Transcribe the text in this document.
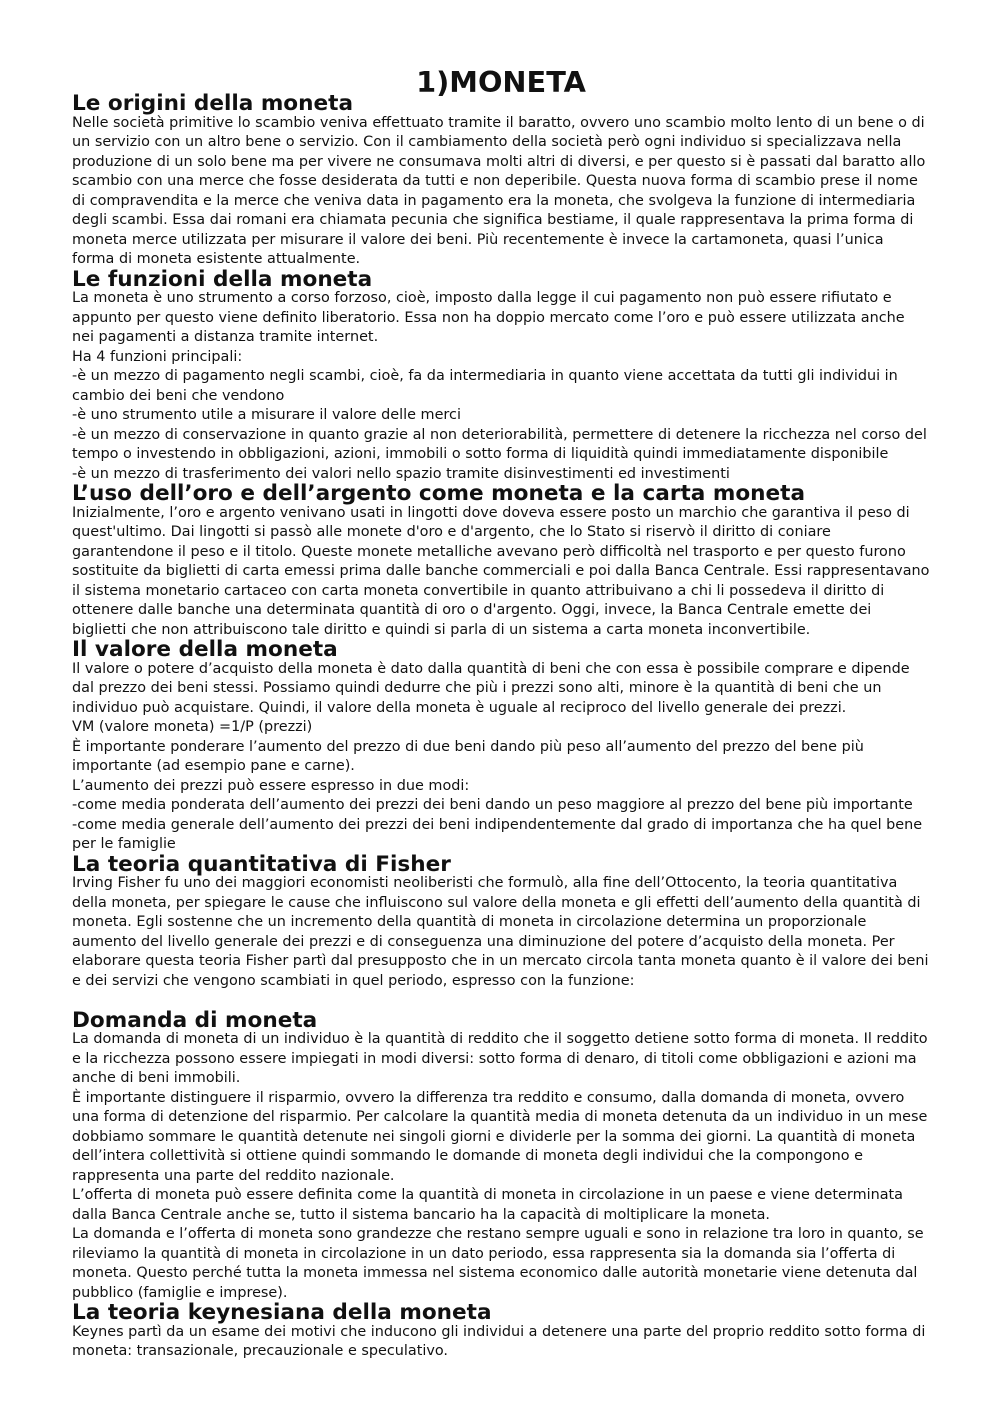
1)MONETA
Le origini della moneta

Nelle società primitive lo scambio veniva effettuato tramite il baratto, ovvero uno scambio molto lento di un bene o di un servizio con un altro bene o servizio. Con il cambiamento della società però ogni individuo si specializzava nella produzione di un solo bene ma per vivere ne consumava molti altri di diversi, e per questo si è passati dal baratto allo scambio con una merce che fosse desiderata da tutti e non deperibile. Questa nuova forma di scambio prese il nome di compravendita e la merce che veniva data in pagamento era la moneta, che svolgeva la funzione di intermediaria degli scambi. Essa dai romani era chiamata pecunia che significa bestiame, il quale rappresentava la prima forma di moneta merce utilizzata per misurare il valore dei beni. Più recentemente è invece la cartamoneta, quasi l’unica forma di moneta esistente attualmente.

Le funzioni della moneta

La moneta è uno strumento a corso forzoso, cioè, imposto dalla legge il cui pagamento non può essere rifiutato e appunto per questo viene definito liberatorio. Essa non ha doppio mercato come l’oro e può essere utilizzata anche nei pagamenti a distanza tramite internet.

Ha 4 funzioni principali:

-è un mezzo di pagamento negli scambi, cioè, fa da intermediaria in quanto viene accettata da tutti gli individui in cambio dei beni che vendono

-è uno strumento utile a misurare il valore delle merci

-è un mezzo di conservazione in quanto grazie al non deteriorabilità, permettere di detenere la ricchezza nel corso del tempo o investendo in obbligazioni, azioni, immobili o sotto forma di liquidità quindi immediatamente disponibile

-è un mezzo di trasferimento dei valori nello spazio tramite disinvestimenti ed investimenti

L’uso dell’oro e dell’argento come moneta e la carta moneta

Inizialmente, l’oro e argento venivano usati in lingotti dove doveva essere posto un marchio che garantiva il peso di quest'ultimo. Dai lingotti si passò alle monete d'oro e d'argento, che lo Stato si riservò il diritto di coniare garantendone il peso e il titolo. Queste monete metalliche avevano però difficoltà nel trasporto e per questo furono sostituite da biglietti di carta emessi prima dalle banche commerciali e poi dalla Banca Centrale. Essi rappresentavano il sistema monetario cartaceo con carta moneta convertibile in quanto attribuivano a chi li possedeva il diritto di ottenere dalle banche una determinata quantità di oro o d'argento. Oggi, invece, la Banca Centrale emette dei biglietti che non attribuiscono tale diritto e quindi si parla di un sistema a carta moneta inconvertibile.

Il valore della moneta

Il valore o potere d’acquisto della moneta è dato dalla quantità di beni che con essa è possibile comprare e dipende dal prezzo dei beni stessi. Possiamo quindi dedurre che più i prezzi sono alti, minore è la quantità di beni che un individuo può acquistare. Quindi, il valore della moneta è uguale al reciproco del livello generale dei prezzi.

VM (valore moneta) =1/P (prezzi)

È importante ponderare l’aumento del prezzo di due beni dando più peso all’aumento del prezzo del bene più importante (ad esempio pane e carne).

L’aumento dei prezzi può essere espresso in due modi:

-come media ponderata dell’aumento dei prezzi dei beni dando un peso maggiore al prezzo del bene più importante

-come media generale dell’aumento dei prezzi dei beni indipendentemente dal grado di importanza che ha quel bene per le famiglie

La teoria quantitativa di Fisher

Irving Fisher fu uno dei maggiori economisti neoliberisti che formulò, alla fine dell’Ottocento, la teoria quantitativa della moneta, per spiegare le cause che influiscono sul valore della moneta e gli effetti dell’aumento della quantità di moneta. Egli sostenne che un incremento della quantità di moneta in circolazione determina un proporzionale aumento del livello generale dei prezzi e di conseguenza una diminuzione del potere d’acquisto della moneta. Per elaborare questa teoria Fisher partì dal presupposto che in un mercato circola tanta moneta quanto è il valore dei beni e dei servizi che vengono scambiati in quel periodo, espresso con la funzione:

Domanda di moneta

La domanda di moneta di un individuo è la quantità di reddito che il soggetto detiene sotto forma di moneta. Il reddito e la ricchezza possono essere impiegati in modi diversi: sotto forma di denaro, di titoli come obbligazioni e azioni ma anche di beni immobili.

È importante distinguere il risparmio, ovvero la differenza tra reddito e consumo, dalla domanda di moneta, ovvero una forma di detenzione del risparmio. Per calcolare la quantità media di moneta detenuta da un individuo in un mese dobbiamo sommare le quantità detenute nei singoli giorni e dividerle per la somma dei giorni. La quantità di moneta dell’intera collettività si ottiene quindi sommando le domande di moneta degli individui che la compongono e rappresenta una parte del reddito nazionale.

L’offerta di moneta può essere definita come la quantità di moneta in circolazione in un paese e viene determinata dalla Banca Centrale anche se, tutto il sistema bancario ha la capacità di moltiplicare la moneta.

La domanda e l’offerta di moneta sono grandezze che restano sempre uguali e sono in relazione tra loro in quanto, se rileviamo la quantità di moneta in circolazione in un dato periodo, essa rappresenta sia la domanda sia l’offerta di moneta. Questo perché tutta la moneta immessa nel sistema economico dalle autorità monetarie viene detenuta dal pubblico (famiglie e imprese).

La teoria keynesiana della moneta

Keynes partì da un esame dei motivi che inducono gli individui a detenere una parte del proprio reddito sotto forma di moneta: transazionale, precauzionale e speculativo.
